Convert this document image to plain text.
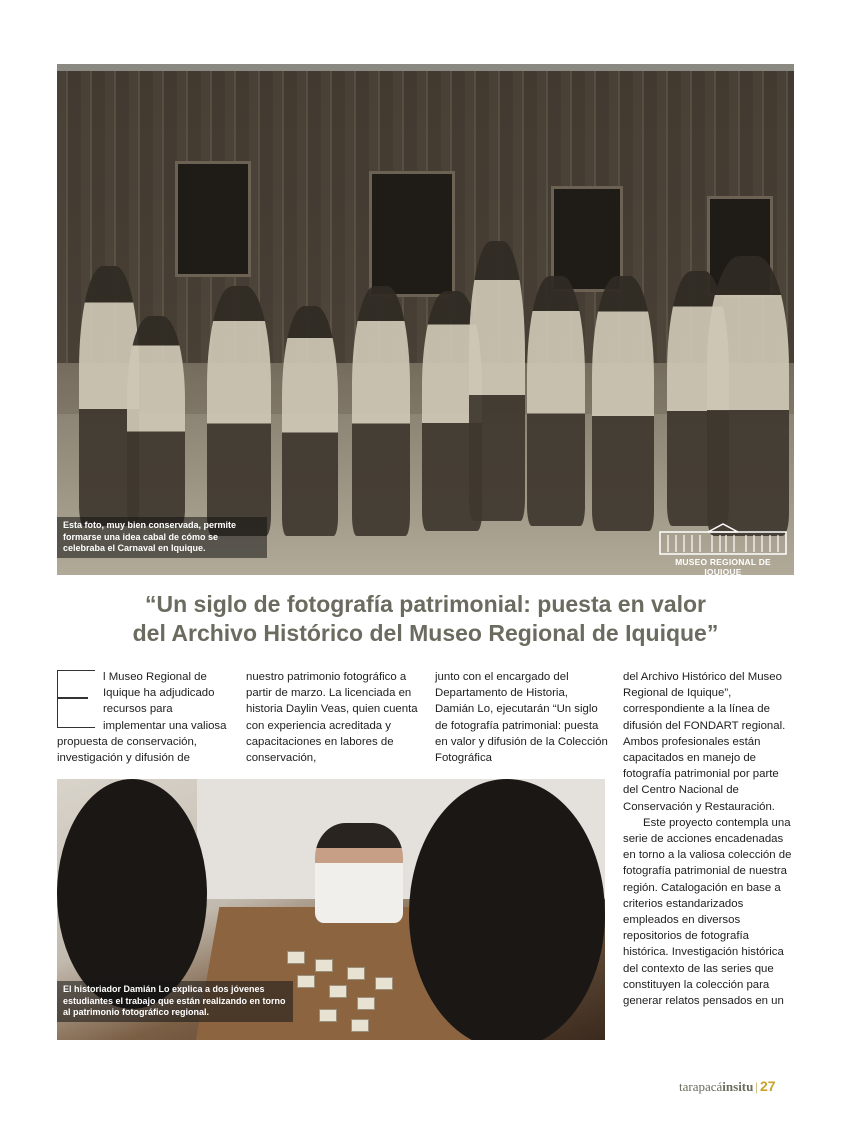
Esta foto, muy bien conservada, permite formarse una idea cabal de cómo se celebraba el Carnaval en Iquique.
MUSEO REGIONAL DE IQUIQUE
“Un siglo de fotografía patrimonial: puesta en valor
del Archivo Histórico del Museo Regional de Iquique”

l Museo Regional de Iquique ha adjudicado recursos para implementar una valiosa propuesta de conservación, investigación y difusión de

nuestro patrimonio fotográfico a partir de marzo. La licenciada en historia Daylin Veas, quien cuenta con experiencia acreditada y capacitaciones en labores de conservación,

junto con el encargado del Departamento de Historia, Damián Lo, ejecutarán “Un siglo de fotografía patrimonial: puesta en valor y difusión de la Colección Fotográfica

del Archivo Histórico del Museo Regional de Iquique”, correspondiente a la línea de difusión del FONDART regional. Ambos profesionales están capacitados en manejo de fotografía patrimonial por parte del Centro Nacional de Conservación y Restauración.

Este proyecto contempla una serie de acciones encadenadas en torno a la valiosa colección de fotografía patrimonial de nuestra región. Catalogación en base a criterios estandarizados empleados en diversos repositorios de fotografía histórica. Investigación histórica del contexto de las series que constituyen la colección para generar relatos pensados en un

El historiador Damián Lo explica a dos jóvenes estudiantes el trabajo que están realizando en torno al patrimonio fotográfico regional.
tarapacáinsitu | 27
